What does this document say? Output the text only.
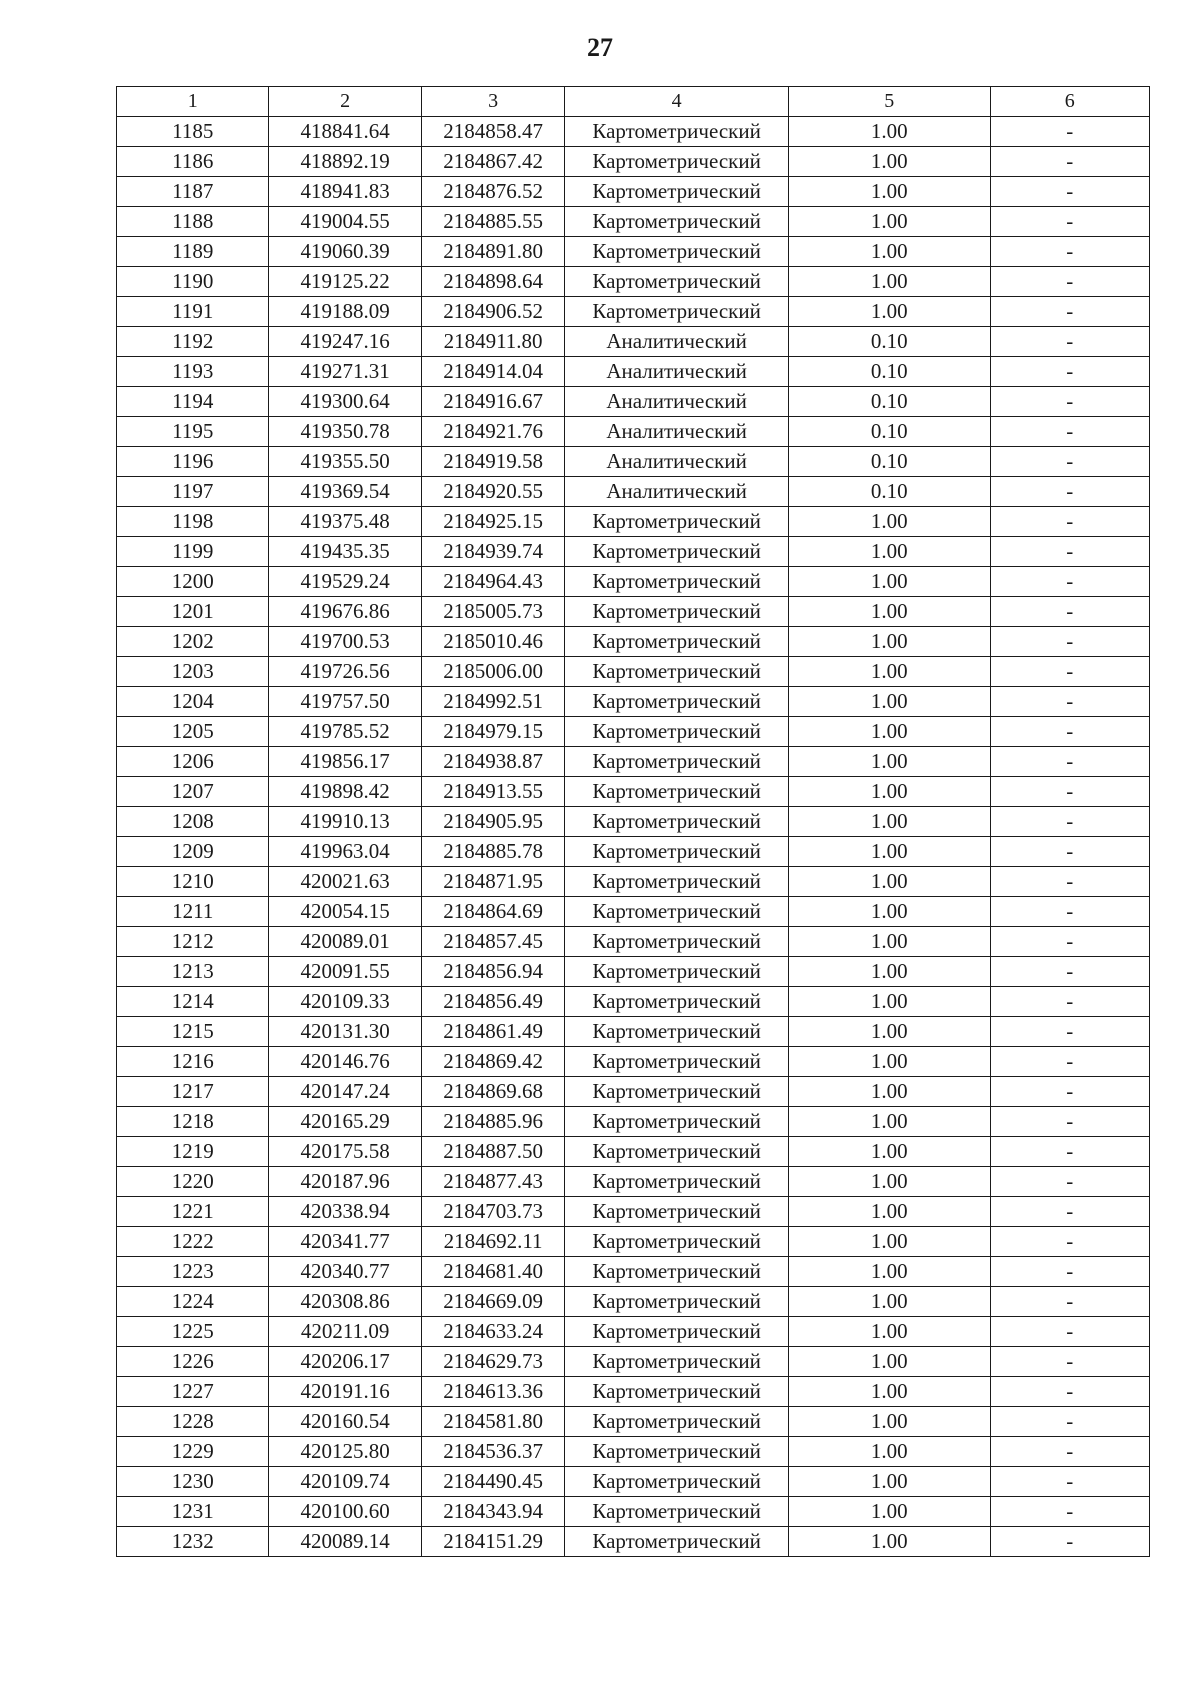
27
1	2	3	4	5	6
1185	418841.64	2184858.47	Картометрический	1.00	-
1186	418892.19	2184867.42	Картометрический	1.00	-
1187	418941.83	2184876.52	Картометрический	1.00	-
1188	419004.55	2184885.55	Картометрический	1.00	-
1189	419060.39	2184891.80	Картометрический	1.00	-
1190	419125.22	2184898.64	Картометрический	1.00	-
1191	419188.09	2184906.52	Картометрический	1.00	-
1192	419247.16	2184911.80	Аналитический	0.10	-
1193	419271.31	2184914.04	Аналитический	0.10	-
1194	419300.64	2184916.67	Аналитический	0.10	-
1195	419350.78	2184921.76	Аналитический	0.10	-
1196	419355.50	2184919.58	Аналитический	0.10	-
1197	419369.54	2184920.55	Аналитический	0.10	-
1198	419375.48	2184925.15	Картометрический	1.00	-
1199	419435.35	2184939.74	Картометрический	1.00	-
1200	419529.24	2184964.43	Картометрический	1.00	-
1201	419676.86	2185005.73	Картометрический	1.00	-
1202	419700.53	2185010.46	Картометрический	1.00	-
1203	419726.56	2185006.00	Картометрический	1.00	-
1204	419757.50	2184992.51	Картометрический	1.00	-
1205	419785.52	2184979.15	Картометрический	1.00	-
1206	419856.17	2184938.87	Картометрический	1.00	-
1207	419898.42	2184913.55	Картометрический	1.00	-
1208	419910.13	2184905.95	Картометрический	1.00	-
1209	419963.04	2184885.78	Картометрический	1.00	-
1210	420021.63	2184871.95	Картометрический	1.00	-
1211	420054.15	2184864.69	Картометрический	1.00	-
1212	420089.01	2184857.45	Картометрический	1.00	-
1213	420091.55	2184856.94	Картометрический	1.00	-
1214	420109.33	2184856.49	Картометрический	1.00	-
1215	420131.30	2184861.49	Картометрический	1.00	-
1216	420146.76	2184869.42	Картометрический	1.00	-
1217	420147.24	2184869.68	Картометрический	1.00	-
1218	420165.29	2184885.96	Картометрический	1.00	-
1219	420175.58	2184887.50	Картометрический	1.00	-
1220	420187.96	2184877.43	Картометрический	1.00	-
1221	420338.94	2184703.73	Картометрический	1.00	-
1222	420341.77	2184692.11	Картометрический	1.00	-
1223	420340.77	2184681.40	Картометрический	1.00	-
1224	420308.86	2184669.09	Картометрический	1.00	-
1225	420211.09	2184633.24	Картометрический	1.00	-
1226	420206.17	2184629.73	Картометрический	1.00	-
1227	420191.16	2184613.36	Картометрический	1.00	-
1228	420160.54	2184581.80	Картометрический	1.00	-
1229	420125.80	2184536.37	Картометрический	1.00	-
1230	420109.74	2184490.45	Картометрический	1.00	-
1231	420100.60	2184343.94	Картометрический	1.00	-
1232	420089.14	2184151.29	Картометрический	1.00	-
